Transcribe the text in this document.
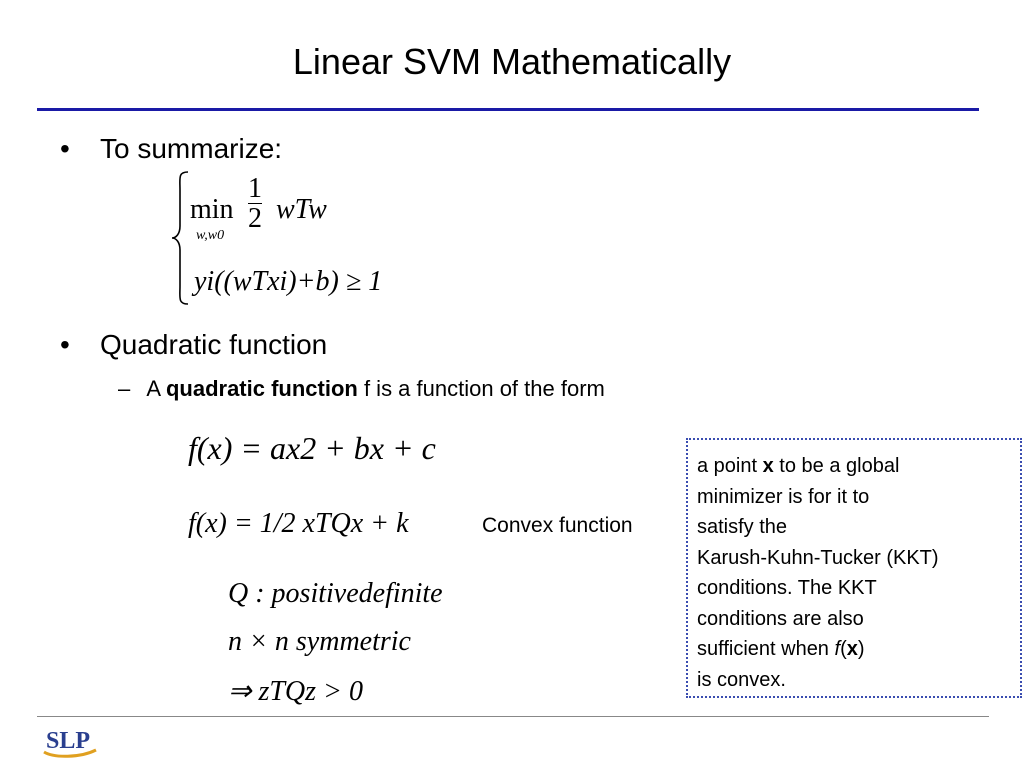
Linear SVM Mathematically
• To summarize:
min
w,w0
$\frac{1}{2}$ wTw
yi((wTxi)+b) ≥ 1
• Quadratic function
– A quadratic function f is a function of the form
f(x) = ax2 + bx + c
f(x) = 1/2 xTQx + k	Convex function
Q : positivedefinite
n × n symmetric
⇒ zTQz > 0
a point x to be a global
minimizer is for it to
satisfy the
Karush-Kuhn-Tucker (KKT)
conditions. The KKT
conditions are also
sufficient when f(x)
is convex.
SLP
